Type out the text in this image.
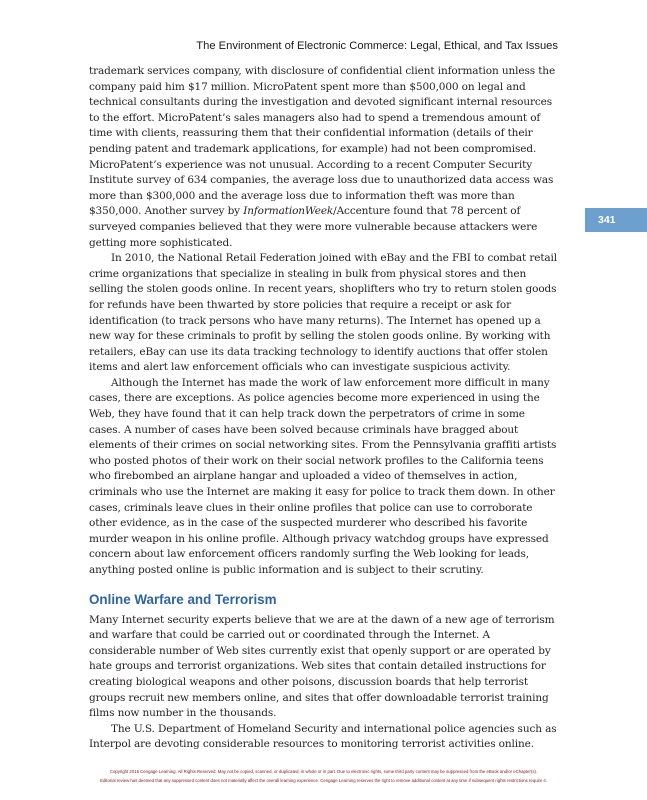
The Environment of Electronic Commerce: Legal, Ethical, and Tax Issues
341

trademark services company, with disclosure of confidential client information unless the company paid him $17 million. MicroPatent spent more than $500,000 on legal and technical consultants during the investigation and devoted significant internal resources to the effort. MicroPatent’s sales managers also had to spend a tremendous amount of time with clients, reassuring them that their confidential information (details of their pending patent and trademark applications, for example) had not been compromised.

MicroPatent’s experience was not unusual. According to a recent Computer Security Institute survey of 634 companies, the average loss due to unauthorized data access was more than $300,000 and the average loss due to information theft was more than $350,000. Another survey by InformationWeek/Accenture found that 78 percent of surveyed companies believed that they were more vulnerable because attackers were getting more sophisticated.

In 2010, the National Retail Federation joined with eBay and the FBI to combat retail crime organizations that specialize in stealing in bulk from physical stores and then selling the stolen goods online. In recent years, shoplifters who try to return stolen goods for refunds have been thwarted by store policies that require a receipt or ask for identification (to track persons who have many returns). The Internet has opened up a new way for these criminals to profit by selling the stolen goods online. By working with retailers, eBay can use its data tracking technology to identify auctions that offer stolen items and alert law enforcement officials who can investigate suspicious activity.

Although the Internet has made the work of law enforcement more difficult in many cases, there are exceptions. As police agencies become more experienced in using the Web, they have found that it can help track down the perpetrators of crime in some cases. A number of cases have been solved because criminals have bragged about elements of their crimes on social networking sites. From the Pennsylvania graffiti artists who posted photos of their work on their social network profiles to the California teens who firebombed an airplane hangar and uploaded a video of themselves in action, criminals who use the Internet are making it easy for police to track them down. In other cases, criminals leave clues in their online profiles that police can use to corroborate other evidence, as in the case of the suspected murderer who described his favorite murder weapon in his online profile. Although privacy watchdog groups have expressed concern about law enforcement officers randomly surfing the Web looking for leads, anything posted online is public information and is subject to their scrutiny.

Online Warfare and Terrorism

Many Internet security experts believe that we are at the dawn of a new age of terrorism and warfare that could be carried out or coordinated through the Internet. A considerable number of Web sites currently exist that openly support or are operated by hate groups and terrorist organizations. Web sites that contain detailed instructions for creating biological weapons and other poisons, discussion boards that help terrorist groups recruit new members online, and sites that offer downloadable terrorist training films now number in the thousands.

The U.S. Department of Homeland Security and international police agencies such as Interpol are devoting considerable resources to monitoring terrorist activities online.

Copyright 2015 Cengage Learning. All Rights Reserved. May not be copied, scanned, or duplicated, in whole or in part. Due to electronic rights, some third party content may be suppressed from the eBook and/or eChapter(s).
Editorial review has deemed that any suppressed content does not materially affect the overall learning experience. Cengage Learning reserves the right to remove additional content at any time if subsequent rights restrictions require it.
